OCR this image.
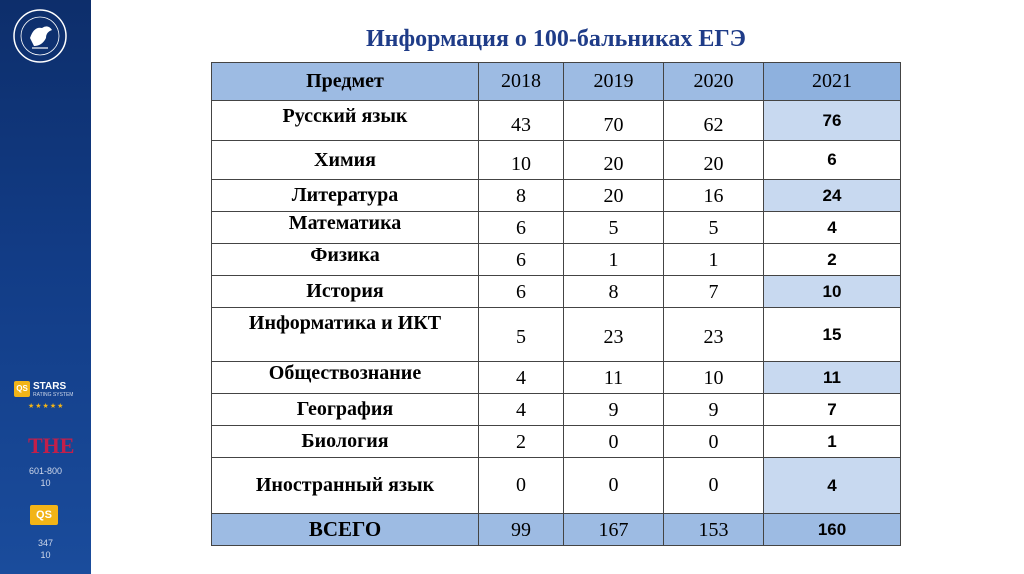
QS STARS
RATING SYSTEM
★★★★★
THE
601-800
10
QS
347
10
Информация о 100-бальниках ЕГЭ
Предмет	2018	2019	2020	2021
Русский язык	43	70	62	76
Химия	10	20	20	6
Литература	8	20	16	24
Математика	6	5	5	4
Физика	6	1	1	2
История	6	8	7	10
Информатика и ИКТ	5	23	23	15
Обществознание	4	11	10	11
География	4	9	9	7
Биология	2	0	0	1
Иностранный язык	0	0	0	4
ВСЕГО	99	167	153	160
